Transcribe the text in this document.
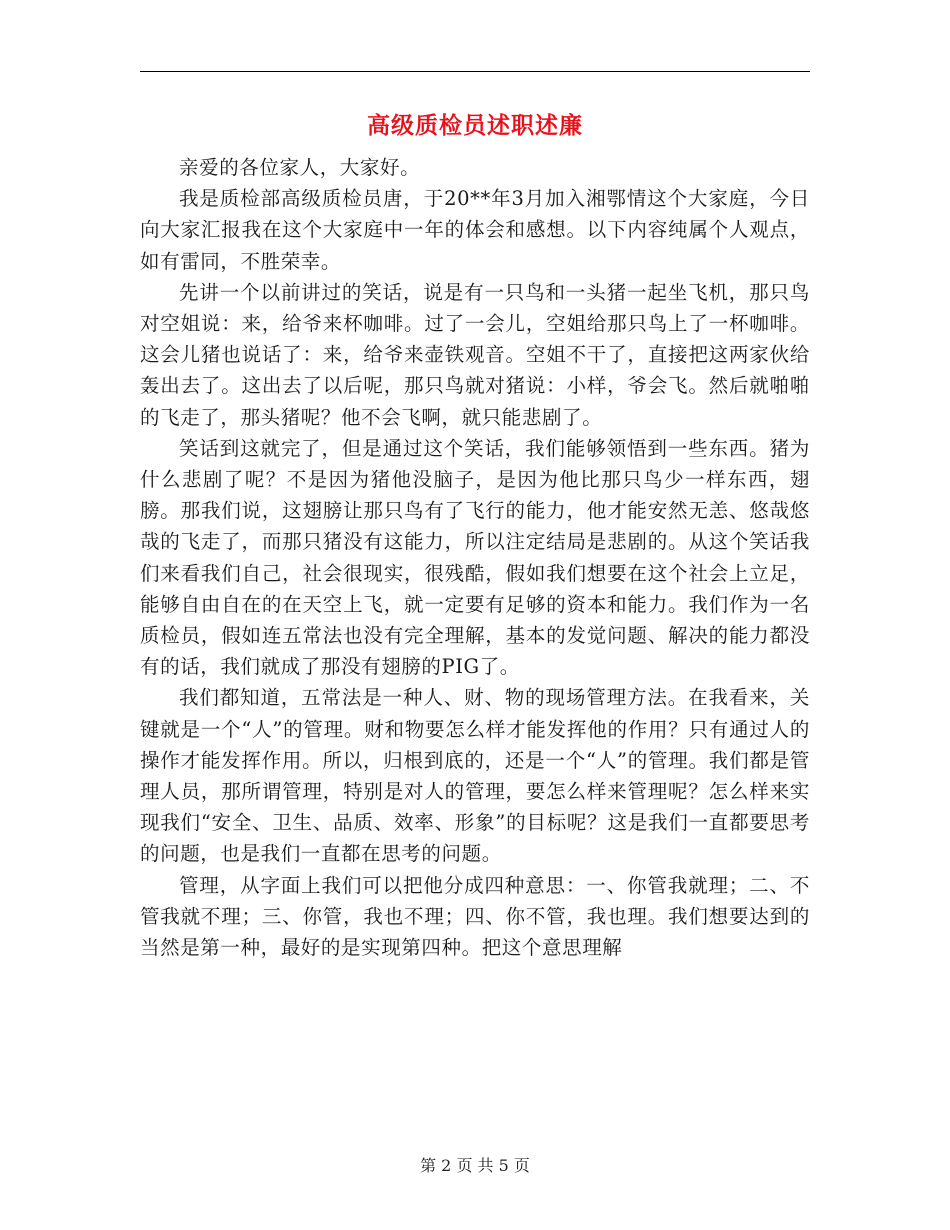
高级质检员述职述廉

亲爱的各位家人，大家好。

我是质检部高级质检员唐，于20**年3月加入湘鄂情这个大家庭，今日向大家汇报我在这个大家庭中一年的体会和感想。以下内容纯属个人观点，如有雷同，不胜荣幸。

先讲一个以前讲过的笑话，说是有一只鸟和一头猪一起坐飞机，那只鸟对空姐说：来，给爷来杯咖啡。过了一会儿，空姐给那只鸟上了一杯咖啡。这会儿猪也说话了：来，给爷来壶铁观音。空姐不干了，直接把这两家伙给轰出去了。这出去了以后呢，那只鸟就对猪说：小样，爷会飞。然后就啪啪的飞走了，那头猪呢？他不会飞啊，就只能悲剧了。

笑话到这就完了，但是通过这个笑话，我们能够领悟到一些东西。猪为什么悲剧了呢？不是因为猪他没脑子，是因为他比那只鸟少一样东西，翅膀。那我们说，这翅膀让那只鸟有了飞行的能力，他才能安然无恙、悠哉悠哉的飞走了，而那只猪没有这能力，所以注定结局是悲剧的。从这个笑话我们来看我们自己，社会很现实，很残酷，假如我们想要在这个社会上立足，能够自由自在的在天空上飞，就一定要有足够的资本和能力。我们作为一名质检员，假如连五常法也没有完全理解，基本的发觉问题、解决的能力都没有的话，我们就成了那没有翅膀的PIG了。

我们都知道，五常法是一种人、财、物的现场管理方法。在我看来，关键就是一个“人”的管理。财和物要怎么样才能发挥他的作用？只有通过人的操作才能发挥作用。所以，归根到底的，还是一个“人”的管理。我们都是管理人员，那所谓管理，特别是对人的管理，要怎么样来管理呢？怎么样来实现我们“安全、卫生、品质、效率、形象”的目标呢？这是我们一直都要思考的问题，也是我们一直都在思考的问题。

管理，从字面上我们可以把他分成四种意思：一、你管我就理；二、不管我就不理；三、你管，我也不理；四、你不管，我也理。我们想要达到的当然是第一种，最好的是实现第四种。把这个意思理解

第 2 页 共 5 页
